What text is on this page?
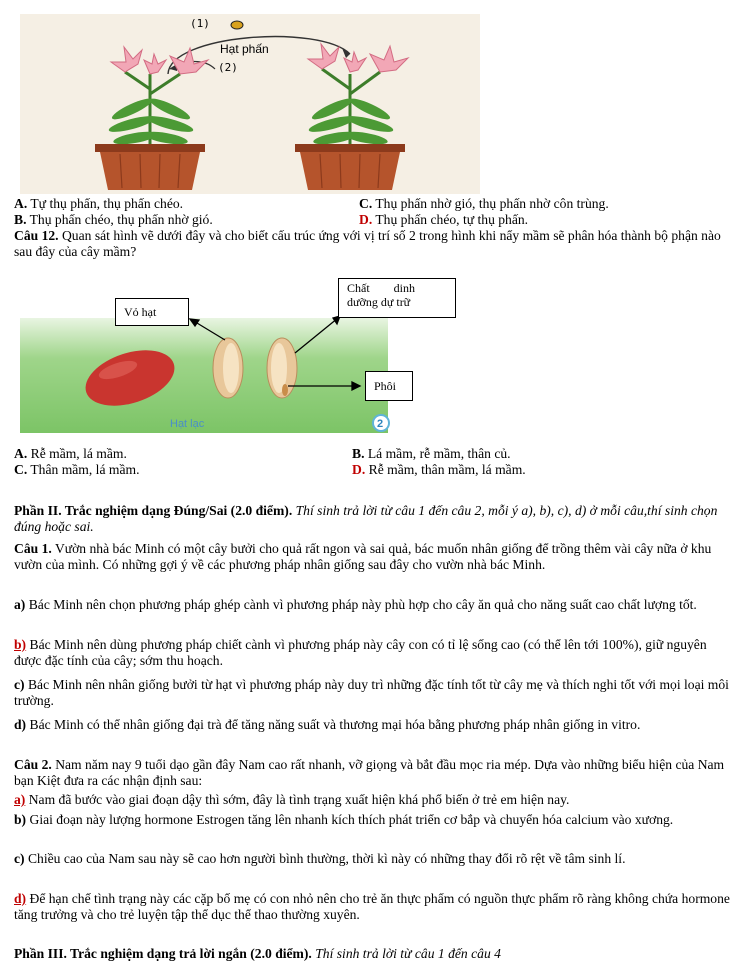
(1)
Hạt phấn
(2)
A. Tự thụ phấn, thụ phấn chéo.	C. Thụ phấn nhờ gió, thụ phấn nhờ côn trùng.
B. Thụ phấn chéo, thụ phấn nhờ gió.	D. Thụ phấn chéo, tự thụ phấn.
Câu 12. Quan sát hình vẽ dưới đây và cho biết cấu trúc ứng với vị trí số 2 trong hình khi nẩy mầm sẽ phân hóa thành bộ phận nào sau đây của cây mầm?
Vỏ hạt
Chất        dinh
dưỡng dự trữ
Phôi
Hạt lạc	2
A. Rễ mầm, lá mầm.	B. Lá mầm, rễ mầm, thân củ.
C. Thân mầm, lá mầm.	D. Rễ mầm, thân mầm, lá mầm.
Phần II. Trắc nghiệm dạng Đúng/Sai (2.0 điểm). Thí sinh trả lời từ câu 1 đến câu 2, mỗi ý a), b), c), d) ở mỗi câu,thí sinh chọn đúng hoặc sai.
Câu 1. Vườn nhà bác Minh có một cây bưởi cho quả rất ngon và sai quả, bác muốn nhân giống để trồng thêm vài cây nữa ở khu vườn của mình. Có những gợi ý về các phương pháp nhân giống sau đây cho vườn nhà bác Minh.
a) Bác Minh nên chọn phương pháp ghép cành vì phương pháp này phù hợp cho cây ăn quả cho năng suất cao chất lượng tốt.
b) Bác Minh nên dùng phương pháp chiết cành vì phương pháp này cây con có tỉ lệ sống cao (có thể lên tới 100%), giữ nguyên được đặc tính của cây; sớm thu hoạch.
c) Bác Minh nên nhân giống bưởi từ hạt vì phương pháp này duy trì những đặc tính tốt từ cây mẹ và thích nghi tốt với mọi loại môi trường.
d) Bác Minh có thể nhân giống đại trà để tăng năng suất và thương mại hóa bằng phương pháp nhân giống in vitro.
Câu 2. Nam năm nay 9 tuổi dạo gần đây Nam cao rất nhanh, vỡ giọng và bắt đầu mọc ria mép. Dựa vào những biểu hiện của Nam bạn Kiệt đưa ra các nhận định sau:
a) Nam đã bước vào giai đoạn dậy thì sớm, đây là tình trạng xuất hiện khá phổ biến ở trẻ em hiện nay.
b) Giai đoạn này lượng hormone Estrogen tăng lên nhanh kích thích phát triển cơ bắp và chuyển hóa calcium vào xương.
c) Chiều cao của Nam sau này sẽ cao hơn người bình thường, thời kì này có những thay đổi rõ rệt về tâm sinh lí.
d) Để hạn chế tình trạng này các cặp bố mẹ có con nhỏ nên cho trẻ ăn thực phẩm có nguồn thực phẩm rõ ràng không chứa hormone tăng trưởng và cho trẻ luyện tập thể dục thể thao thường xuyên.
Phần III. Trắc nghiệm dạng trả lời ngắn (2.0 điểm). Thí sinh trả lời từ câu 1 đến câu 4
